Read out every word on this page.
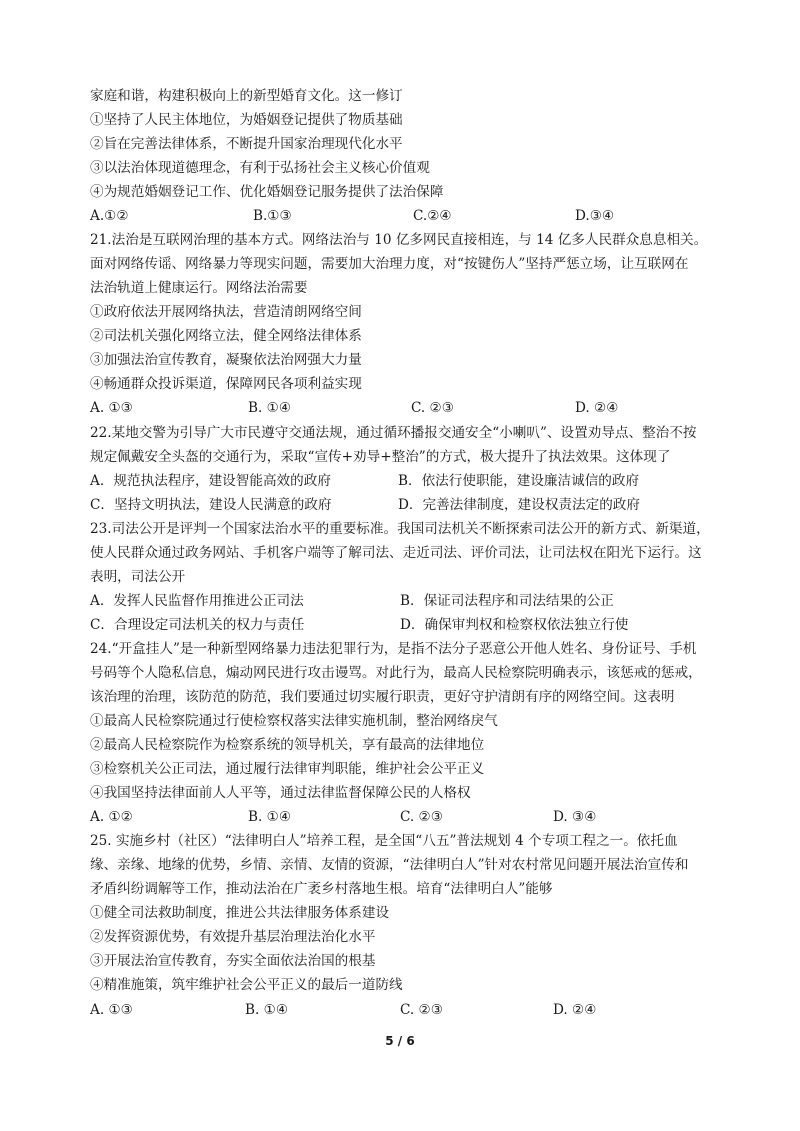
家庭和谐，构建积极向上的新型婚育文化。这一修订
①坚持了人民主体地位，为婚姻登记提供了物质基础
②旨在完善法律体系，不断提升国家治理现代化水平
③以法治体现道德理念，有利于弘扬社会主义核心价值观
④为规范婚姻登记工作、优化婚姻登记服务提供了法治保障
A.①②	B.①③	C.②④	D.③④
21.法治是互联网治理的基本方式。网络法治与 10 亿多网民直接相连，与 14 亿多人民群众息息相关。
面对网络传谣、网络暴力等现实问题，需要加大治理力度，对“按键伤人”坚持严惩立场，让互联网在
法治轨道上健康运行。网络法治需要
①政府依法开展网络执法，营造清朗网络空间
②司法机关强化网络立法，健全网络法律体系
③加强法治宣传教育，凝聚依法治网强大力量
④畅通群众投诉渠道，保障网民各项利益实现
A. ①③	B. ①④	C. ②③	D. ②④
22.某地交警为引导广大市民遵守交通法规，通过循环播报交通安全“小喇叭”、设置劝导点、整治不按
规定佩戴安全头盔的交通行为，采取“宣传+劝导+整治”的方式，极大提升了执法效果。这体现了
A．规范执法程序，建设智能高效的政府	B．依法行使职能，建设廉洁诚信的政府
C．坚持文明执法，建设人民满意的政府	D．完善法律制度，建设权责法定的政府
23.司法公开是评判一个国家法治水平的重要标准。我国司法机关不断探索司法公开的新方式、新渠道，
使人民群众通过政务网站、手机客户端等了解司法、走近司法、评价司法，让司法权在阳光下运行。这
表明，司法公开
A．发挥人民监督作用推进公正司法	B．保证司法程序和司法结果的公正
C．合理设定司法机关的权力与责任	D．确保审判权和检察权依法独立行使
24.“开盒挂人”是一种新型网络暴力违法犯罪行为，是指不法分子恶意公开他人姓名、身份证号、手机
号码等个人隐私信息，煽动网民进行攻击谩骂。对此行为，最高人民检察院明确表示，该惩戒的惩戒，
该治理的治理，该防范的防范，我们要通过切实履行职责，更好守护清朗有序的网络空间。这表明
①最高人民检察院通过行使检察权落实法律实施机制，整治网络戾气
②最高人民检察院作为检察系统的领导机关，享有最高的法律地位
③检察机关公正司法，通过履行法律审判职能，维护社会公平正义
④我国坚持法律面前人人平等，通过法律监督保障公民的人格权
A. ①②	B. ①④	C. ②③	D. ③④
25. 实施乡村（社区）“法律明白人”培养工程，是全国“八五”普法规划 4 个专项工程之一。依托血
缘、亲缘、地缘的优势，乡情、亲情、友情的资源，“法律明白人”针对农村常见问题开展法治宣传和
矛盾纠纷调解等工作，推动法治在广袤乡村落地生根。培育“法律明白人”能够
①健全司法救助制度，推进公共法律服务体系建设
②发挥资源优势，有效提升基层治理法治化水平
③开展法治宣传教育，夯实全面依法治国的根基
④精准施策，筑牢维护社会公平正义的最后一道防线
A. ①③	B. ①④	C. ②③	D. ②④
5 / 6
